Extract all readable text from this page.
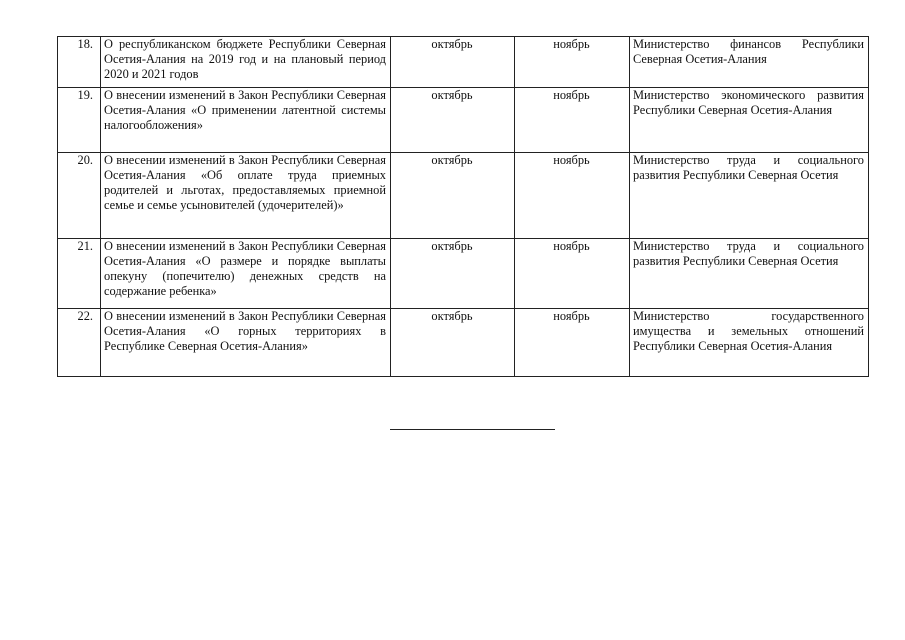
18.	О республиканском бюджете Республики Северная Осетия-Алания на 2019 год и на плановый период 2020 и 2021 годов	октябрь	ноябрь	Министерство финансов Республики Северная Осетия-Алания
19.	О внесении изменений в Закон Республики Северная Осетия-Алания «О применении латентной системы налогообложения»	октябрь	ноябрь	Министерство экономического развития Республики Северная Осетия-Алания
20.	О внесении изменений в Закон Республики Северная Осетия-Алания «Об оплате труда приемных родителей и льготах, предоставляемых приемной семье и семье усыновителей (удочерителей)»	октябрь	ноябрь	Министерство труда и социального развития Республики Северная Осетия
21.	О внесении изменений в Закон Республики Северная Осетия-Алания «О размере и порядке выплаты опекуну (попечителю) денежных средств на содержание ребенка»	октябрь	ноябрь	Министерство труда и социального развития Республики Северная Осетия
22.	О внесении изменений в Закон Республики Северная Осетия-Алания «О горных территориях в Республике Северная Осетия-Алания»	октябрь	ноябрь	Министерство государственного имущества и земельных отношений Республики Северная Осетия-Алания
